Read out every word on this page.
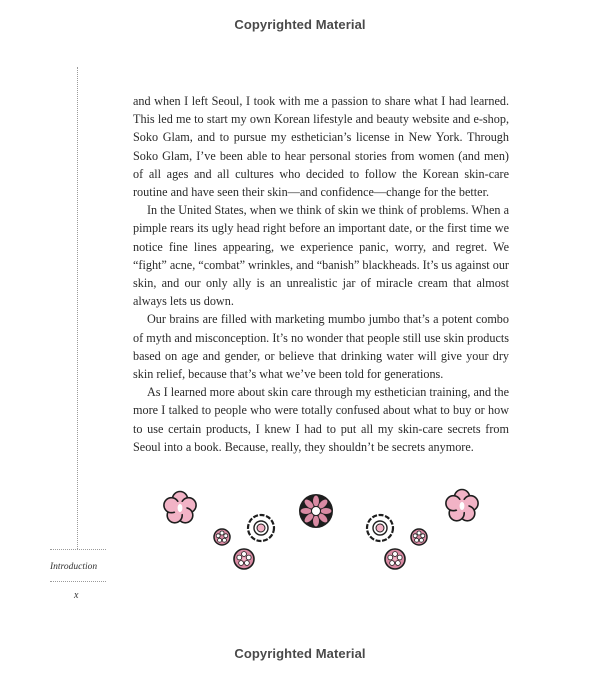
Copyrighted Material
Introduction
x

and when I left Seoul, I took with me a passion to share what I had learned. This led me to start my own Korean lifestyle and beauty website and e-shop, Soko Glam, and to pursue my esthetician’s license in New York. Through Soko Glam, I’ve been able to hear personal stories from women (and men) of all ages and all cultures who decided to follow the Korean skin-care routine and have seen their skin—and confidence—change for the better.

In the United States, when we think of skin we think of problems. When a pimple rears its ugly head right before an important date, or the first time we notice fine lines appearing, we experience panic, worry, and regret. We “fight” acne, “combat” wrinkles, and “banish” blackheads. It’s us against our skin, and our only ally is an unrealistic jar of miracle cream that almost always lets us down.

Our brains are filled with marketing mumbo jumbo that’s a potent combo of myth and misconception. It’s no wonder that people still use skin products based on age and gender, or believe that drinking water will give your dry skin relief, because that’s what we’ve been told for generations.

As I learned more about skin care through my esthetician training, and the more I talked to people who were totally confused about what to buy or how to use certain products, I knew I had to put all my skin-care secrets from Seoul into a book. Because, really, they shouldn’t be secrets anymore.

Copyrighted Material
